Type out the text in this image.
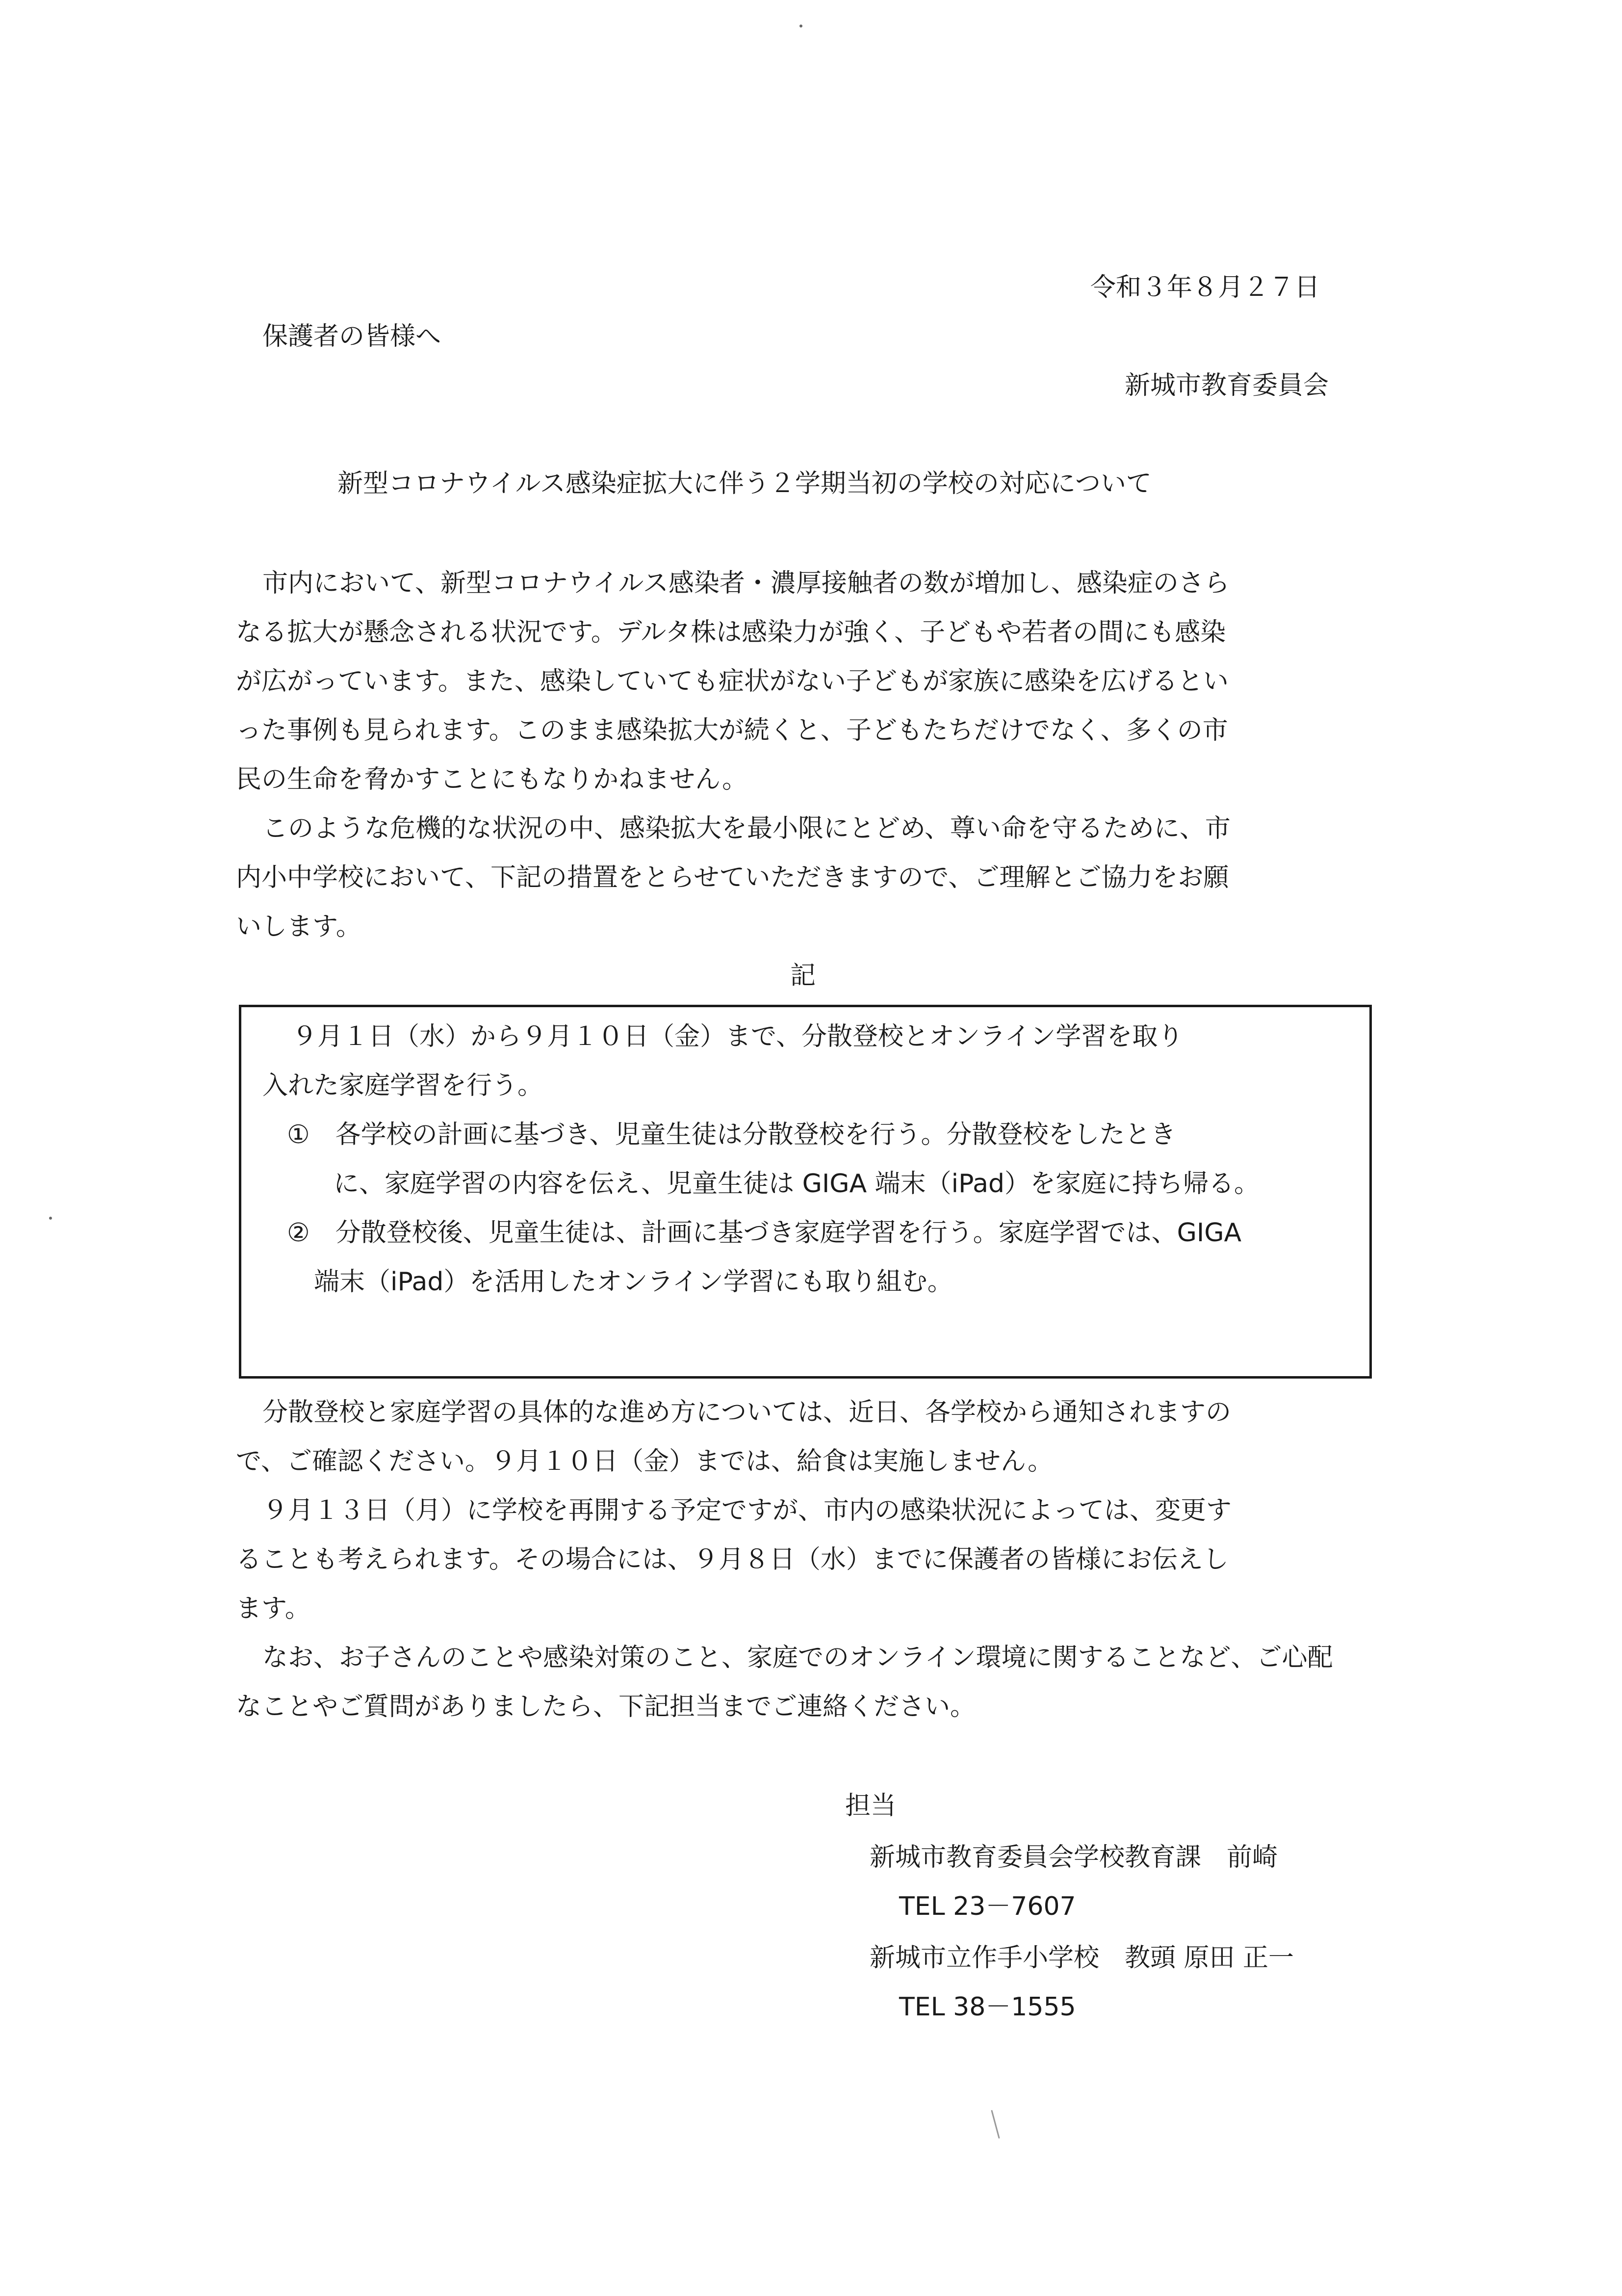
令和３年８月２７日
保護者の皆様へ
新城市教育委員会
新型コロナウイルス感染症拡大に伴う２学期当初の学校の対応について
市内において、新型コロナウイルス感染者・濃厚接触者の数が増加し、感染症のさら
なる拡大が懸念される状況です。デルタ株は感染力が強く、子どもや若者の間にも感染
が広がっています。また、感染していても症状がない子どもが家族に感染を広げるとい
った事例も見られます。このまま感染拡大が続くと、子どもたちだけでなく、多くの市
民の生命を脅かすことにもなりかねません。
このような危機的な状況の中、感染拡大を最小限にとどめ、尊い命を守るために、市
内小中学校において、下記の措置をとらせていただきますので、ご理解とご協力をお願
いします。
記
９月１日（水）から９月１０日（金）まで、分散登校とオンライン学習を取り
入れた家庭学習を行う。
①　各学校の計画に基づき、児童生徒は分散登校を行う。分散登校をしたとき
に、家庭学習の内容を伝え、児童生徒は GIGA 端末（iPad）を家庭に持ち帰る。
②　分散登校後、児童生徒は、計画に基づき家庭学習を行う。家庭学習では、GIGA
端末（iPad）を活用したオンライン学習にも取り組む。
分散登校と家庭学習の具体的な進め方については、近日、各学校から通知されますの
で、ご確認ください。９月１０日（金）までは、給食は実施しません。
９月１３日（月）に学校を再開する予定ですが、市内の感染状況によっては、変更す
ることも考えられます。その場合には、９月８日（水）までに保護者の皆様にお伝えし
ます。
なお、お子さんのことや感染対策のこと、家庭でのオンライン環境に関することなど、ご心配
なことやご質問がありましたら、下記担当までご連絡ください。
担当
新城市教育委員会学校教育課　前崎
TEL 23－7607
新城市立作手小学校　教頭 原田 正一
TEL 38－1555
